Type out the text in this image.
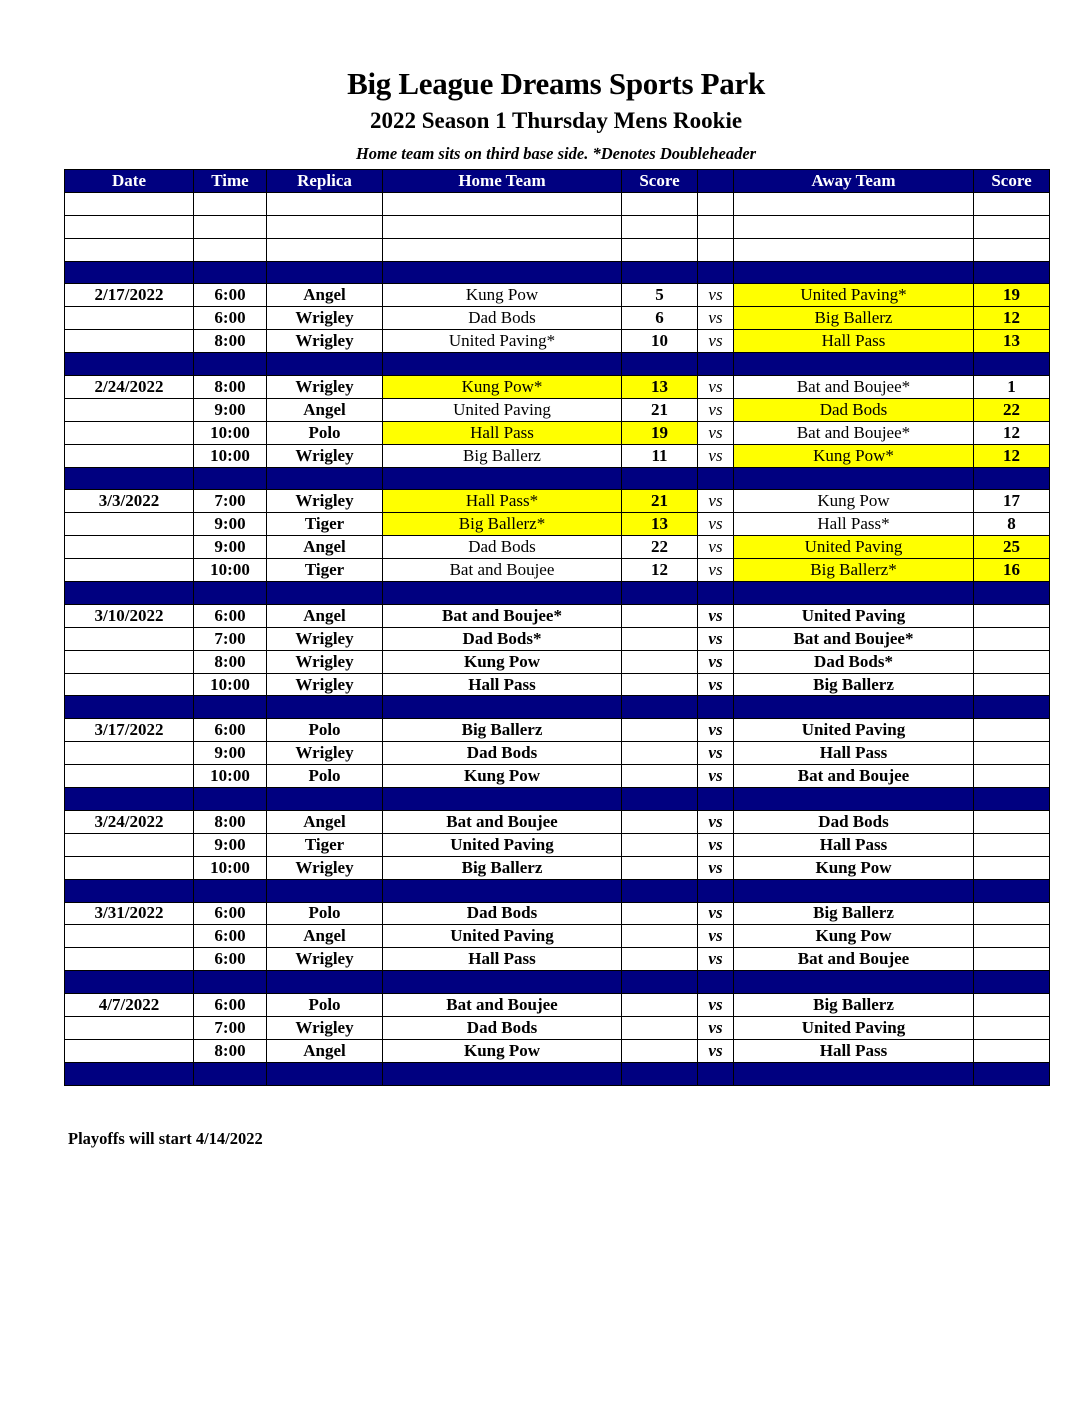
Big League Dreams Sports Park
2022 Season 1 Thursday Mens Rookie
Home team sits on third base side. *Denotes Doubleheader
Date	Time	Replica	Home Team	Score		Away Team	Score

2/17/2022	6:00	Angel	Kung Pow	5	vs	United Paving*	19
	6:00	Wrigley	Dad Bods	6	vs	Big Ballerz	12
	8:00	Wrigley	United Paving*	10	vs	Hall Pass	13

2/24/2022	8:00	Wrigley	Kung Pow*	13	vs	Bat and Boujee*	1
	9:00	Angel	United Paving	21	vs	Dad Bods	22
	10:00	Polo	Hall Pass	19	vs	Bat and Boujee*	12
	10:00	Wrigley	Big Ballerz	11	vs	Kung Pow*	12

3/3/2022	7:00	Wrigley	Hall Pass*	21	vs	Kung Pow	17
	9:00	Tiger	Big Ballerz*	13	vs	Hall Pass*	8
	9:00	Angel	Dad Bods	22	vs	United Paving	25
	10:00	Tiger	Bat and Boujee	12	vs	Big Ballerz*	16

3/10/2022	6:00	Angel	Bat and Boujee*		vs	United Paving	
	7:00	Wrigley	Dad Bods*		vs	Bat and Boujee*	
	8:00	Wrigley	Kung Pow		vs	Dad Bods*	
	10:00	Wrigley	Hall Pass		vs	Big Ballerz	

3/17/2022	6:00	Polo	Big Ballerz		vs	United Paving	
	9:00	Wrigley	Dad Bods		vs	Hall Pass	
	10:00	Polo	Kung Pow		vs	Bat and Boujee	

3/24/2022	8:00	Angel	Bat and Boujee		vs	Dad Bods	
	9:00	Tiger	United Paving		vs	Hall Pass	
	10:00	Wrigley	Big Ballerz		vs	Kung Pow	

3/31/2022	6:00	Polo	Dad Bods		vs	Big Ballerz	
	6:00	Angel	United Paving		vs	Kung Pow	
	6:00	Wrigley	Hall Pass		vs	Bat and Boujee	

4/7/2022	6:00	Polo	Bat and Boujee		vs	Big Ballerz	
	7:00	Wrigley	Dad Bods		vs	United Paving	
	8:00	Angel	Kung Pow		vs	Hall Pass	

Playoffs will start 4/14/2022
